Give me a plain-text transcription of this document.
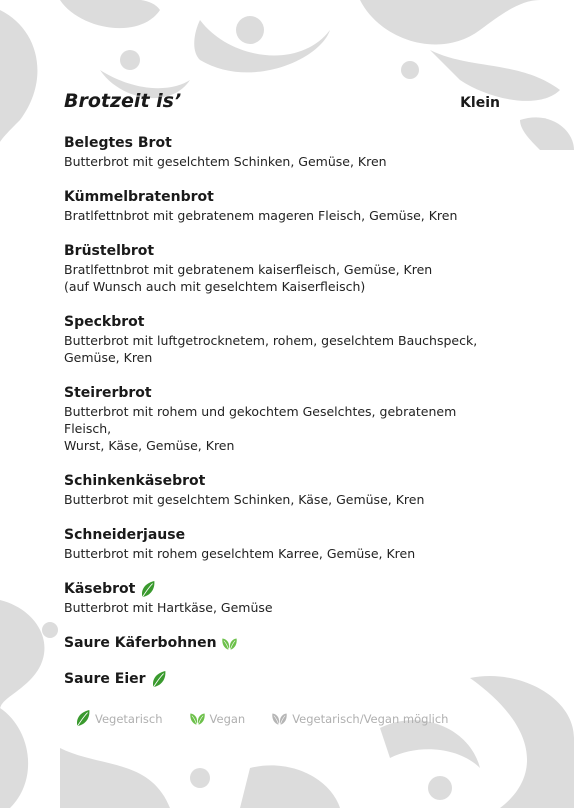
Brotzeit is’	Klein
Belegtes Brot
Butterbrot mit geselchtem Schinken, Gemüse, Kren
Kümmelbratenbrot
Bratlfettnbrot mit gebratenem mageren Fleisch, Gemüse, Kren
Brüstelbrot
Bratlfettnbrot mit gebratenem kaiserfleisch, Gemüse, Kren
(auf Wunsch auch mit geselchtem Kaiserfleisch)
Speckbrot
Butterbrot mit luftgetrocknetem, rohem, geselchtem Bauchspeck,
Gemüse, Kren
Steirerbrot
Butterbrot mit rohem und gekochtem Geselchtes, gebratenem Fleisch,
Wurst, Käse, Gemüse, Kren
Schinkenkäsebrot
Butterbrot mit geselchtem Schinken, Käse, Gemüse, Kren
Schneiderjause
Butterbrot mit rohem geselchtem Karree, Gemüse, Kren
Käsebrot
Butterbrot mit Hartkäse, Gemüse
Saure Käferbohnen
Saure Eier
Vegetarisch	Vegan	Vegetarisch/Vegan möglich
